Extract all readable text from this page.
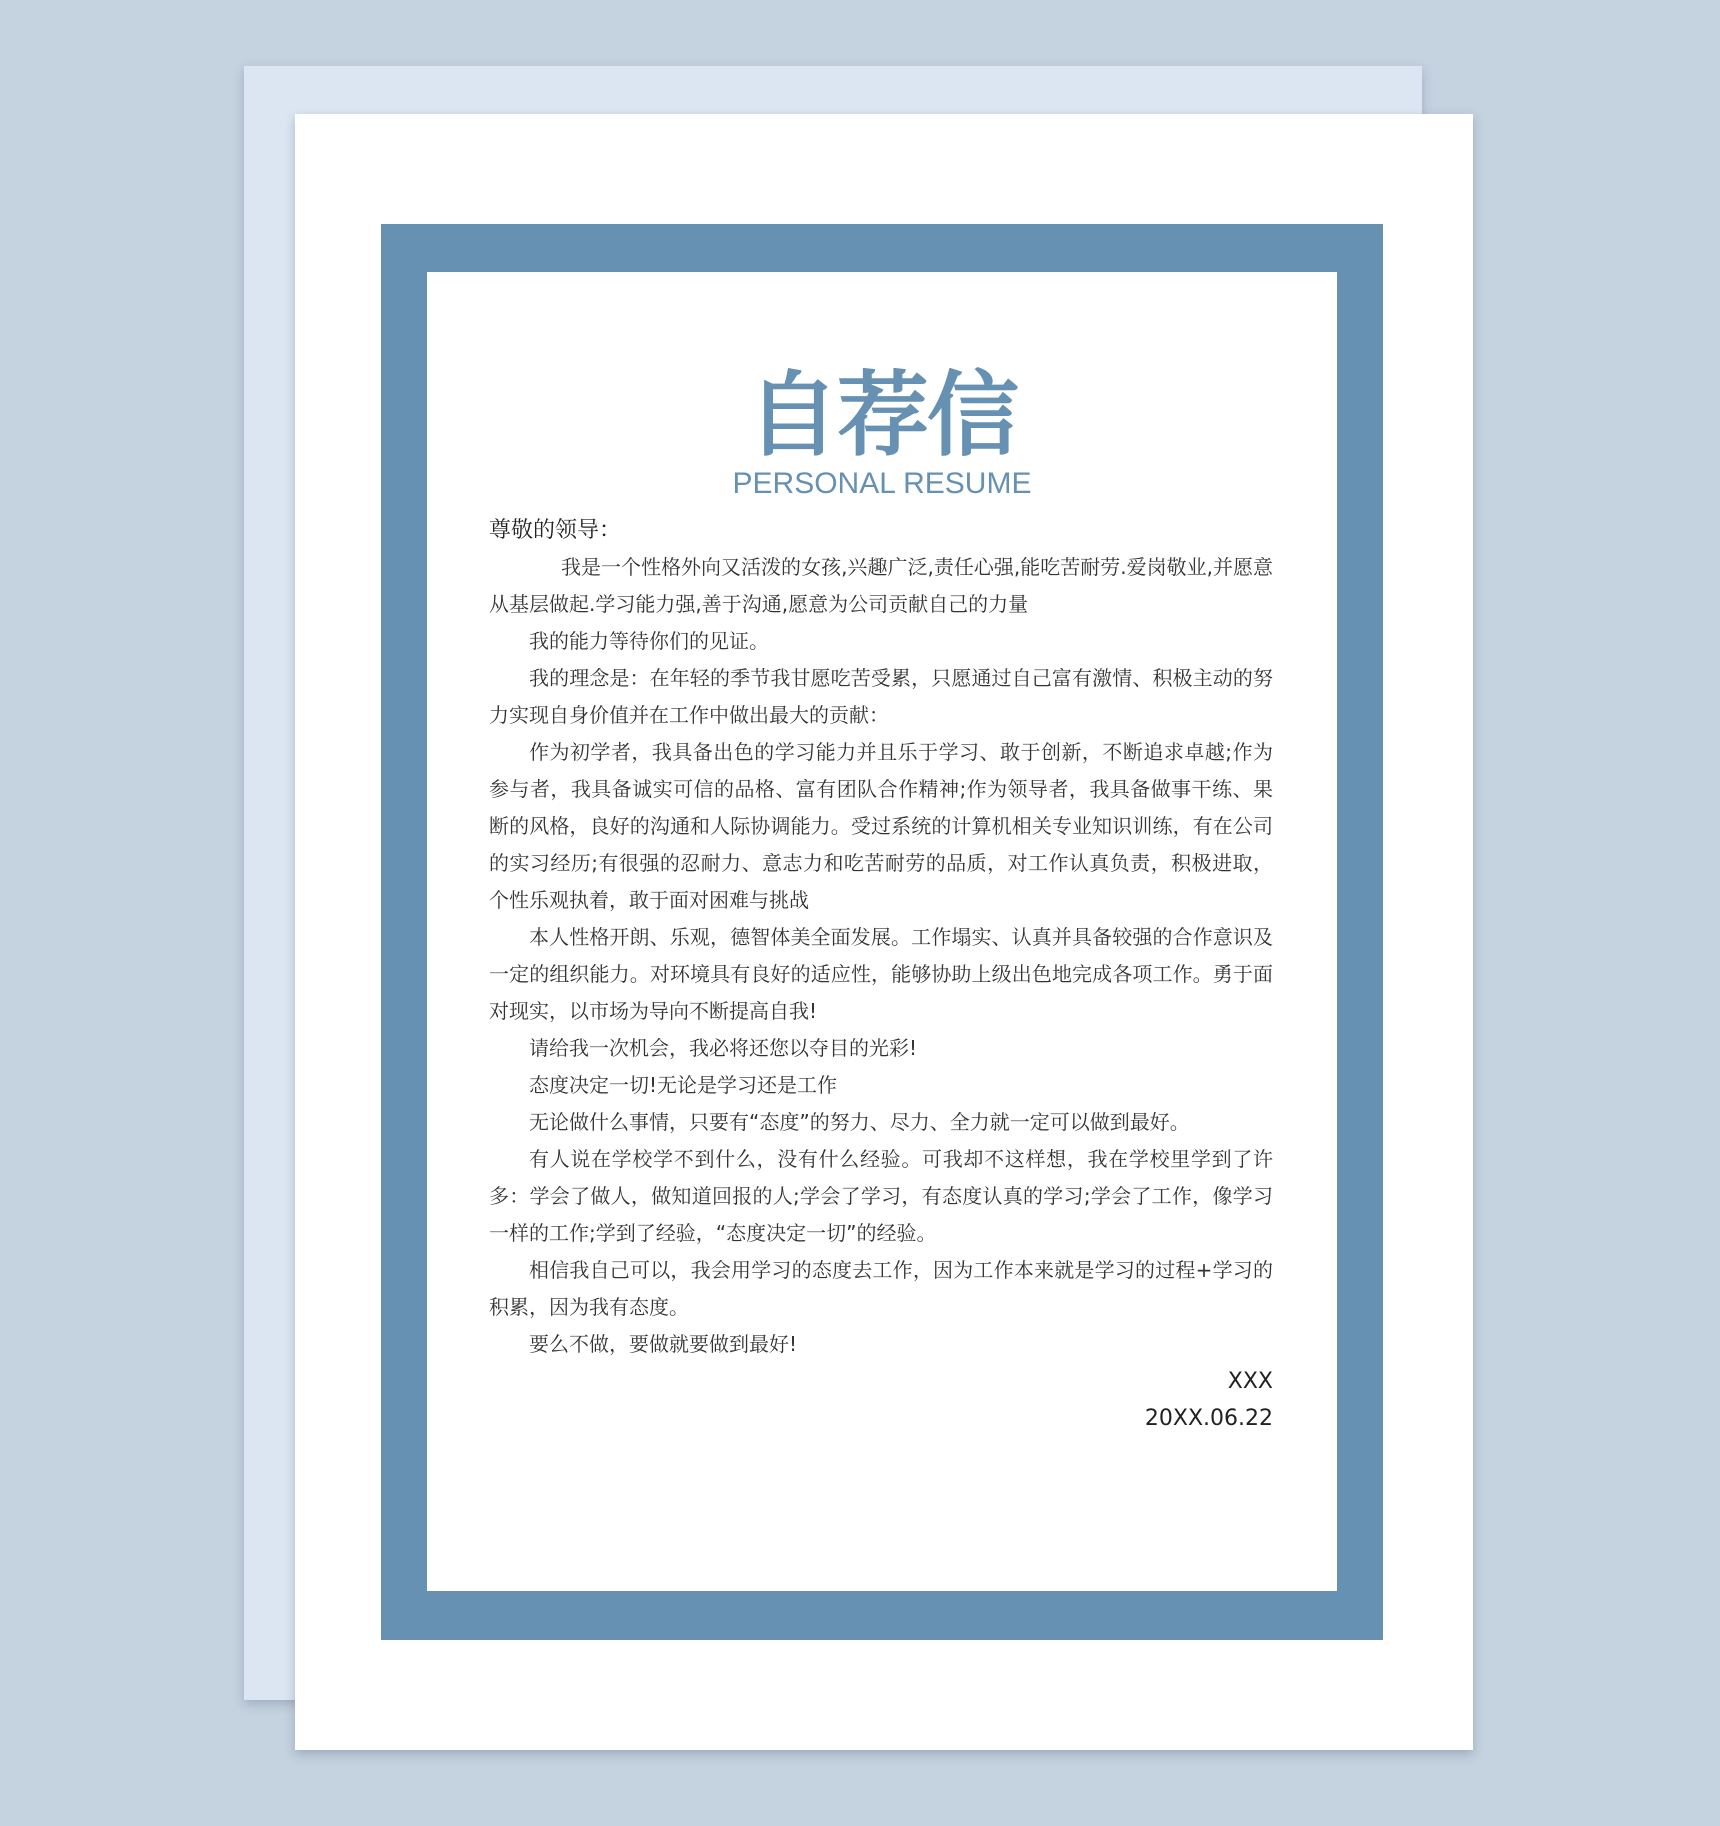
自荐信
PERSONAL RESUME

尊敬的领导：

我是一个性格外向又活泼的女孩,兴趣广泛,责任心强,能吃苦耐劳.爱岗敬业,并愿意从基层做起.学习能力强,善于沟通,愿意为公司贡献自己的力量

我的能力等待你们的见证。

我的理念是：在年轻的季节我甘愿吃苦受累，只愿通过自己富有激情、积极主动的努力实现自身价值并在工作中做出最大的贡献：

作为初学者，我具备出色的学习能力并且乐于学习、敢于创新，不断追求卓越;作为参与者，我具备诚实可信的品格、富有团队合作精神;作为领导者，我具备做事干练、果断的风格，良好的沟通和人际协调能力。受过系统的计算机相关专业知识训练，有在公司的实习经历;有很强的忍耐力、意志力和吃苦耐劳的品质，对工作认真负责，积极进取，个性乐观执着，敢于面对困难与挑战

本人性格开朗、乐观，德智体美全面发展。工作塌实、认真并具备较强的合作意识及一定的组织能力。对环境具有良好的适应性，能够协助上级出色地完成各项工作。勇于面对现实，以市场为导向不断提高自我!

请给我一次机会，我必将还您以夺目的光彩!

态度决定一切!无论是学习还是工作

无论做什么事情，只要有“态度”的努力、尽力、全力就一定可以做到最好。

有人说在学校学不到什么，没有什么经验。可我却不这样想，我在学校里学到了许多：学会了做人，做知道回报的人;学会了学习，有态度认真的学习;学会了工作，像学习一样的工作;学到了经验，“态度决定一切”的经验。

相信我自己可以，我会用学习的态度去工作，因为工作本来就是学习的过程+学习的积累，因为我有态度。

要么不做，要做就要做到最好!

XXX

20XX.06.22
